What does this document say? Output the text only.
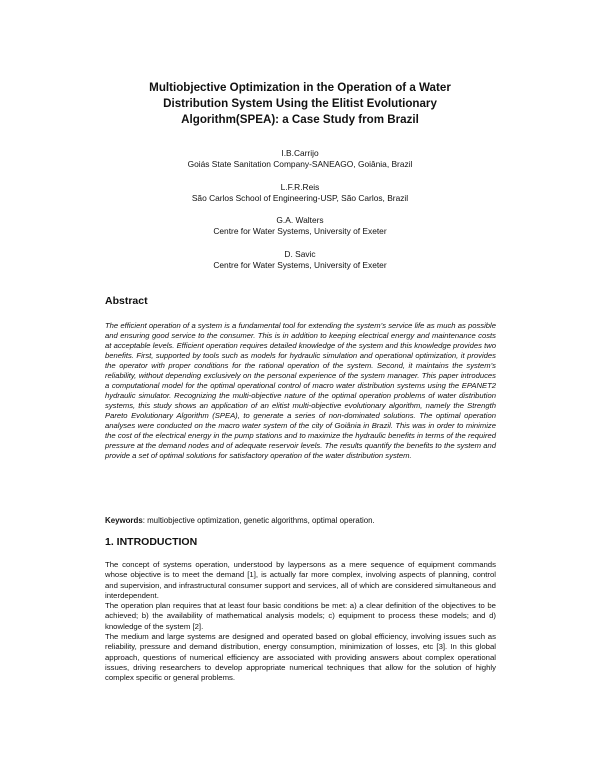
Multiobjective Optimization in the Operation of a Water
Distribution System Using the Elitist Evolutionary
Algorithm(SPEA): a Case Study from Brazil
I.B.Carrijo
Goiás State Sanitation Company-SANEAGO, Goiânia, Brazil
L.F.R.Reis
São Carlos School of Engineering-USP, São Carlos, Brazil
G.A. Walters
Centre for Water Systems, University of Exeter
D. Savic
Centre for Water Systems, University of Exeter
Abstract

The efficient operation of a system is a fundamental tool for extending the system’s service life as much as possible and ensuring good service to the consumer. This is in addition to keeping electrical energy and maintenance costs at acceptable levels. Efficient operation requires detailed knowledge of the system and this knowledge provides two benefits. First, supported by tools such as models for hydraulic simulation and operational optimization, it provides the operator with proper conditions for the rational operation of the system. Second, it maintains the system’s reliability, without depending exclusively on the personal experience of the system manager. This paper introduces a computational model for the optimal operational control of macro water distribution systems using the EPANET2 hydraulic simulator. Recognizing the multi-objective nature of the optimal operation problems of water distribution systems, this study shows an application of an elitist multi-objective evolutionary algorithm, namely the Strength Pareto Evolutionary Algorithm (SPEA), to generate a series of non-dominated solutions. The optimal operation analyses were conducted on the macro water system of the city of Goiânia in Brazil. This was in order to minimize the cost of the electrical energy in the pump stations and to maximize the hydraulic benefits in terms of the required pressure at the demand nodes and of adequate reservoir levels. The results quantify the benefits to the system and provide a set of optimal solutions for satisfactory operation of the water distribution system.

Keywords: multiobjective optimization, genetic algorithms, optimal operation.

1. INTRODUCTION

The concept of systems operation, understood by laypersons as a mere sequence of equipment commands whose objective is to meet the demand [1], is actually far more complex, involving aspects of planning, control and supervision, and infrastructural consumer support and services, all of which are considered simultaneous and interdependent.

The operation plan requires that at least four basic conditions be met: a) a clear definition of the objectives to be achieved; b) the availability of mathematical analysis models; c) equipment to process these models; and d) knowledge of the system [2].

The medium and large systems are designed and operated based on global efficiency, involving issues such as reliability, pressure and demand distribution, energy consumption, minimization of losses, etc [3]. In this global approach, questions of numerical efficiency are associated with providing answers about complex operational issues, driving researchers to develop appropriate numerical techniques that allow for the solution of highly complex specific or general problems.
